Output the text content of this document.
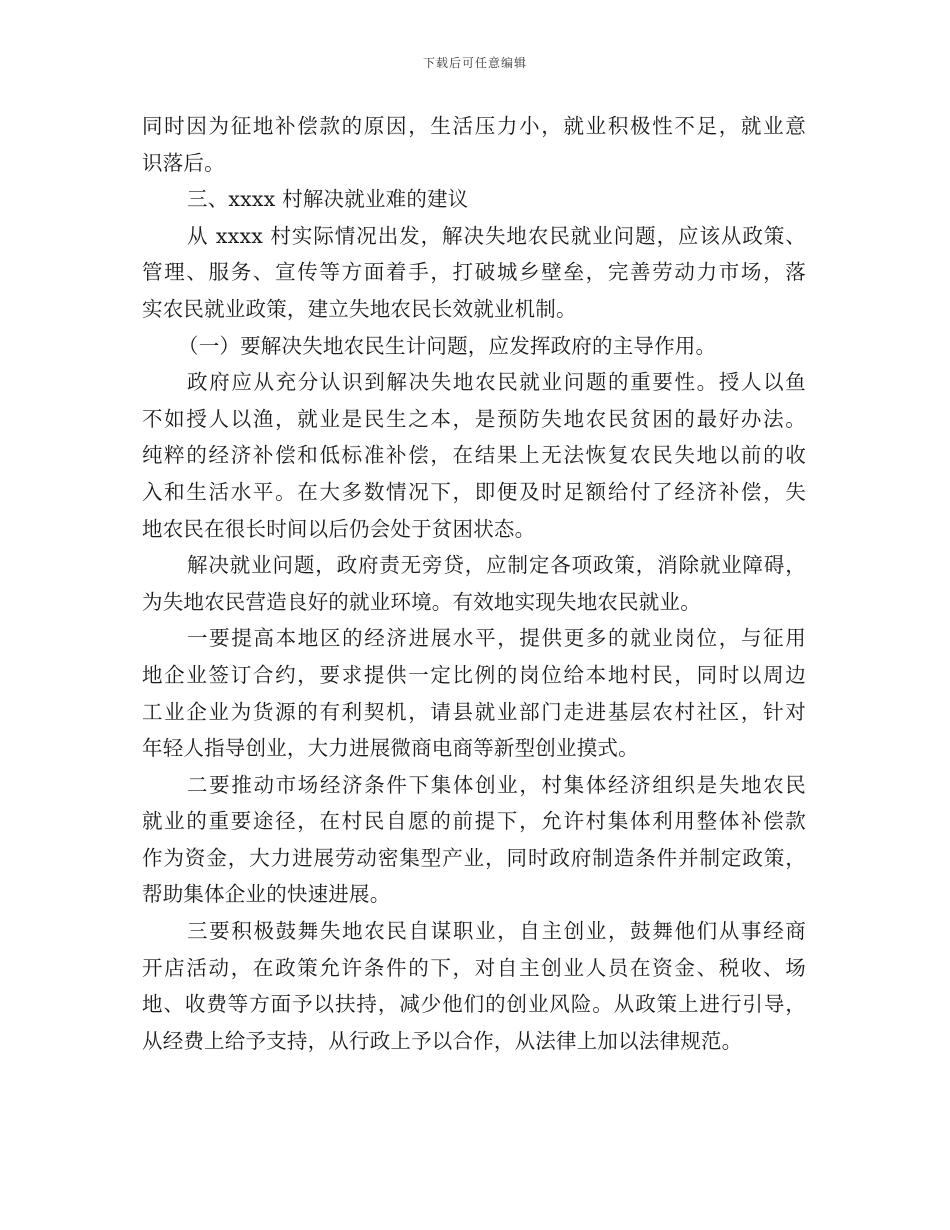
下载后可任意编辑
同时因为征地补偿款的原因，生活压力小，就业积极性不足，就业意
识落后。
三、xxxx 村解决就业难的建议
从 xxxx 村实际情况出发，解决失地农民就业问题，应该从政策、
管理、服务、宣传等方面着手，打破城乡壁垒，完善劳动力市场，落
实农民就业政策，建立失地农民长效就业机制。
（一）要解决失地农民生计问题，应发挥政府的主导作用。
政府应从充分认识到解决失地农民就业问题的重要性。授人以鱼
不如授人以渔，就业是民生之本，是预防失地农民贫困的最好办法。
纯粹的经济补偿和低标准补偿，在结果上无法恢复农民失地以前的收
入和生活水平。在大多数情况下，即便及时足额给付了经济补偿，失
地农民在很长时间以后仍会处于贫困状态。
解决就业问题，政府责无旁贷，应制定各项政策，消除就业障碍，
为失地农民营造良好的就业环境。有效地实现失地农民就业。
一要提高本地区的经济进展水平，提供更多的就业岗位，与征用
地企业签订合约，要求提供一定比例的岗位给本地村民，同时以周边
工业企业为货源的有利契机，请县就业部门走进基层农村社区，针对
年轻人指导创业，大力进展微商电商等新型创业摸式。
二要推动市场经济条件下集体创业，村集体经济组织是失地农民
就业的重要途径，在村民自愿的前提下，允许村集体利用整体补偿款
作为资金，大力进展劳动密集型产业，同时政府制造条件并制定政策，
帮助集体企业的快速进展。
三要积极鼓舞失地农民自谋职业，自主创业，鼓舞他们从事经商
开店活动，在政策允许条件的下，对自主创业人员在资金、税收、场
地、收费等方面予以扶持，减少他们的创业风险。从政策上进行引导，
从经费上给予支持，从行政上予以合作，从法律上加以法律规范。
